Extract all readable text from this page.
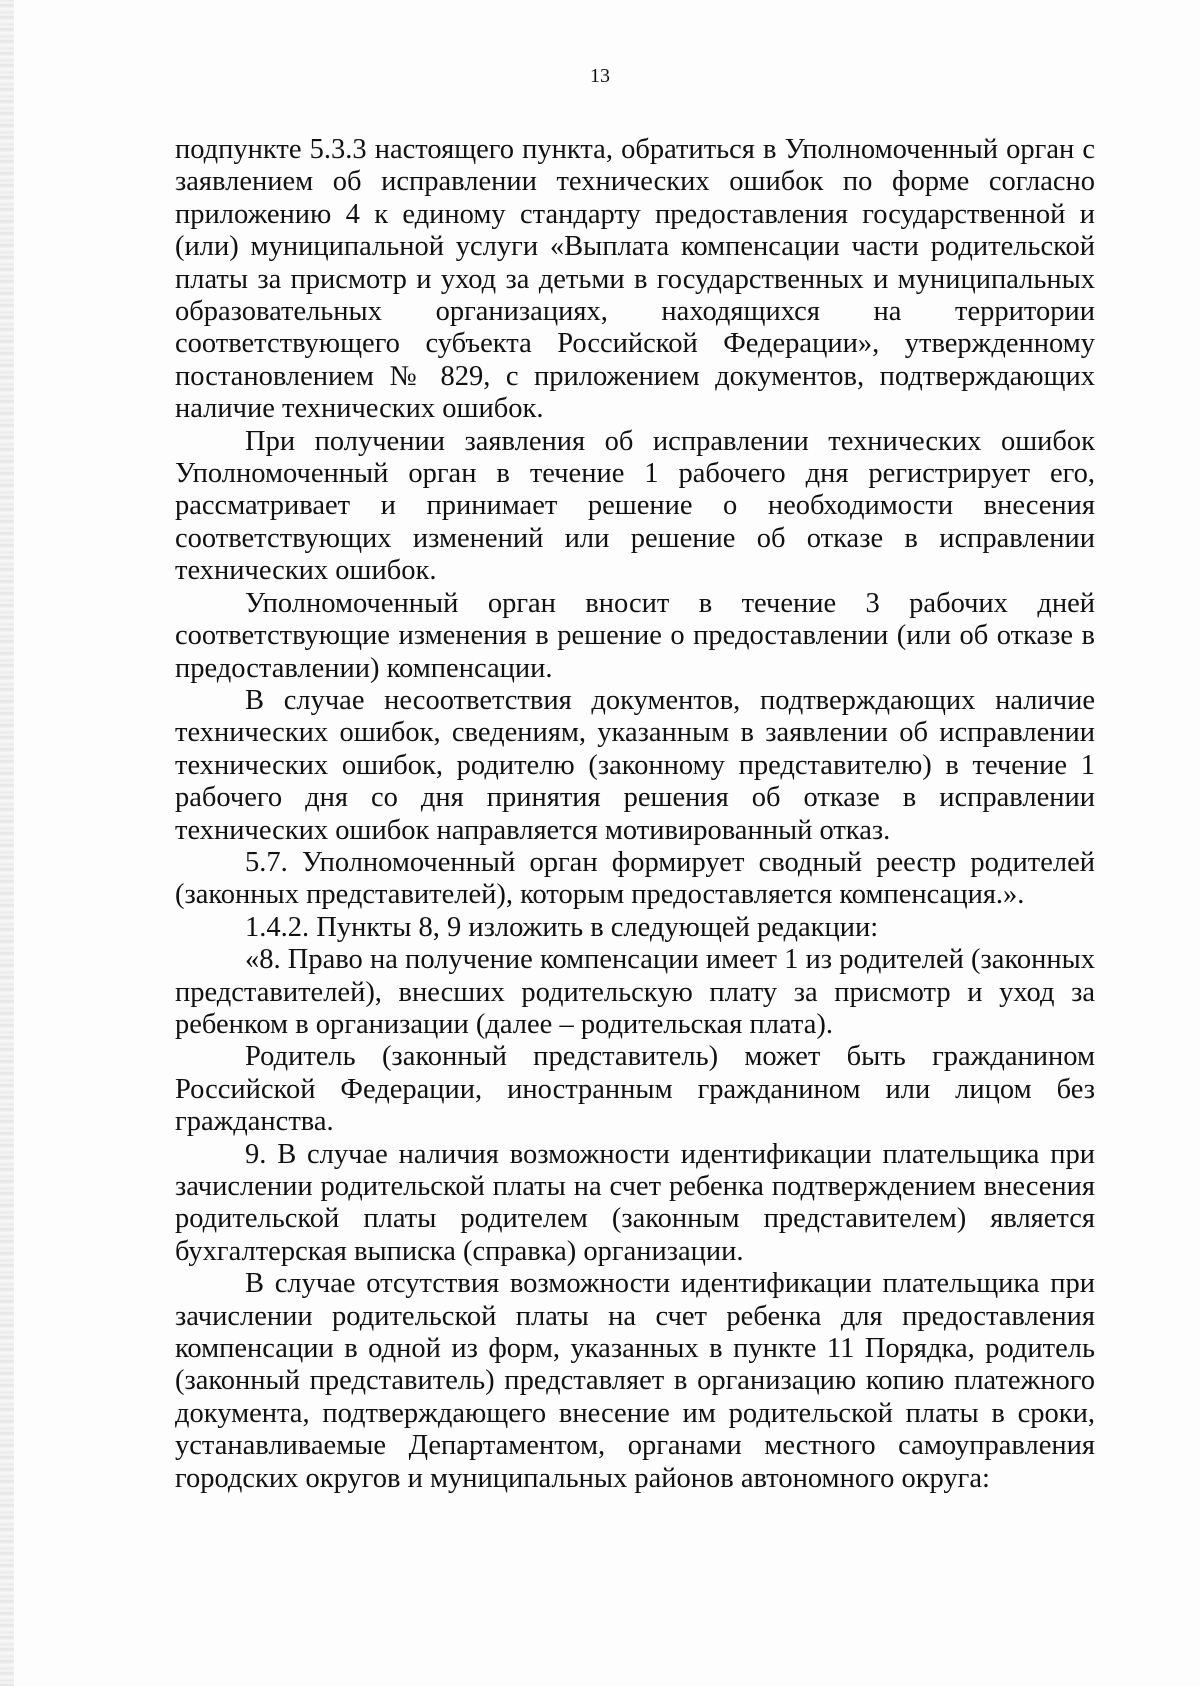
13

подпункте 5.3.3 настоящего пункта, обратиться в Уполномоченный орган с заявлением об исправлении технических ошибок по форме согласно приложению 4 к единому стандарту предоставления государственной и (или) муниципальной услуги «Выплата компенсации части родительской платы за присмотр и уход за детьми в государственных и муниципальных образовательных организациях, находящихся на территории соответствующего субъекта Российской Федерации», утвержденному постановлением № 829, с приложением документов, подтверждающих наличие технических ошибок.

При получении заявления об исправлении технических ошибок Уполномоченный орган в течение 1 рабочего дня регистрирует его, рассматривает и принимает решение о необходимости внесения соответствующих изменений или решение об отказе в исправлении технических ошибок.

Уполномоченный орган вносит в течение 3 рабочих дней соответствующие изменения в решение о предоставлении (или об отказе в предоставлении) компенсации.

В случае несоответствия документов, подтверждающих наличие технических ошибок, сведениям, указанным в заявлении об исправлении технических ошибок, родителю (законному представителю) в течение 1 рабочего дня со дня принятия решения об отказе в исправлении технических ошибок направляется мотивированный отказ.

5.7. Уполномоченный орган формирует сводный реестр родителей (законных представителей), которым предоставляется компенсация.».

1.4.2. Пункты 8, 9 изложить в следующей редакции:

«8. Право на получение компенсации имеет 1 из родителей (законных представителей), внесших родительскую плату за присмотр и уход за ребенком в организации (далее – родительская плата).

Родитель (законный представитель) может быть гражданином Российской Федерации, иностранным гражданином или лицом без гражданства.

9. В случае наличия возможности идентификации плательщика при зачислении родительской платы на счет ребенка подтверждением внесения родительской платы родителем (законным представителем) является бухгалтерская выписка (справка) организации.

В случае отсутствия возможности идентификации плательщика при зачислении родительской платы на счет ребенка для предоставления компенсации в одной из форм, указанных в пункте 11 Порядка, родитель (законный представитель) представляет в организацию копию платежного документа, подтверждающего внесение им родительской платы в сроки, устанавливаемые Департаментом, органами местного самоуправления городских округов и муниципальных районов автономного округа:
